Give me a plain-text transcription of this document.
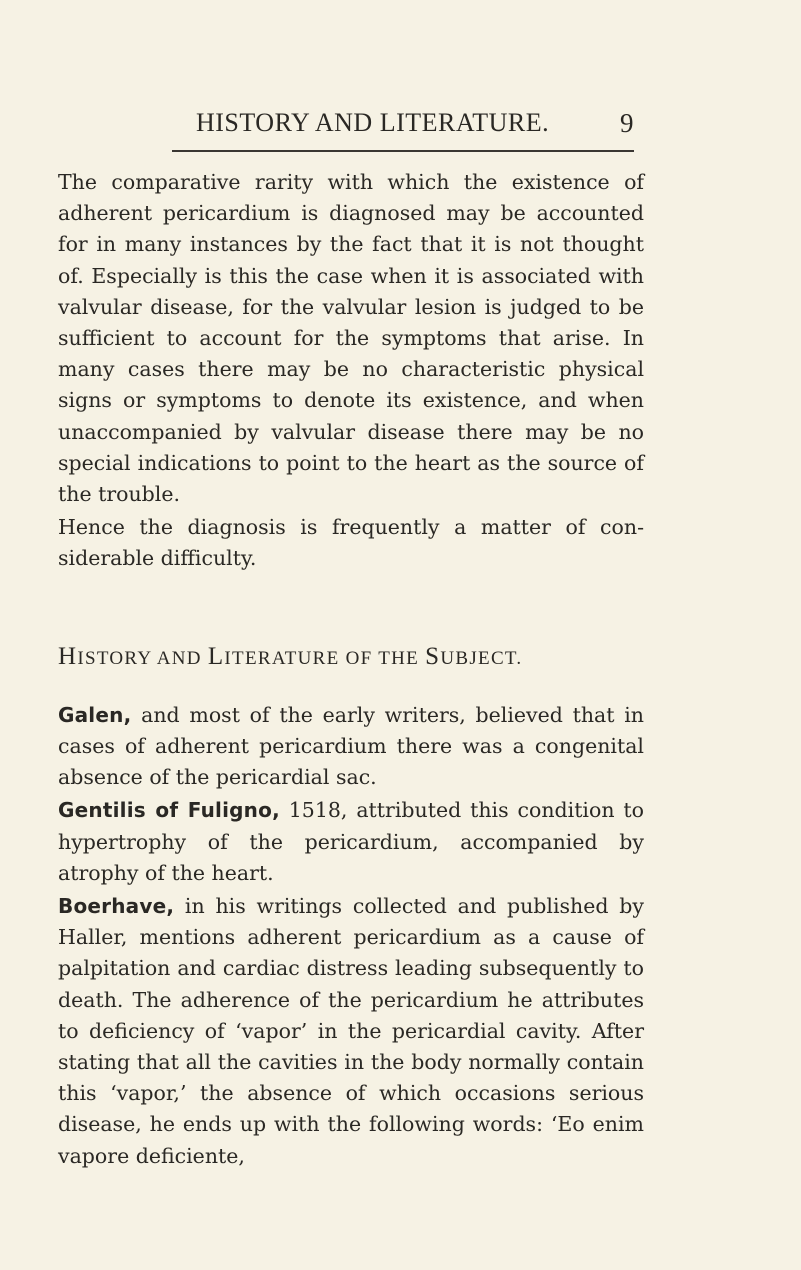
HISTORY AND LITERATURE.	9

The comparative rarity with which the existence of adherent pericardium is diagnosed may be accounted for in many instances by the fact that it is not thought of. Especially is this the case when it is associated with valvular disease, for the valvular lesion is judged to be sufficient to account for the symptoms that arise. In many cases there may be no characteristic physical signs or symptoms to denote its existence, and when unaccompanied by valvular disease there may be no special indications to point to the heart as the source of the trouble.

Hence the diagnosis is frequently a matter of considerable difficulty.

HISTORY AND LITERATURE OF THE SUBJECT.

Galen, and most of the early writers, believed that in cases of adherent pericardium there was a congenital absence of the pericardial sac.

Gentilis of Fuligno, 1518, attributed this condition to hypertrophy of the pericardium, accompanied by atrophy of the heart.

Boerhave, in his writings collected and published by Haller, mentions adherent pericardium as a cause of palpitation and cardiac distress leading subsequently to death. The adherence of the pericardium he attributes to deficiency of ‘vapor’ in the pericardial cavity. After stating that all the cavities in the body normally contain this ‘vapor,’ the absence of which occasions serious disease, he ends up with the following words: ‘Eo enim vapore deficiente,
